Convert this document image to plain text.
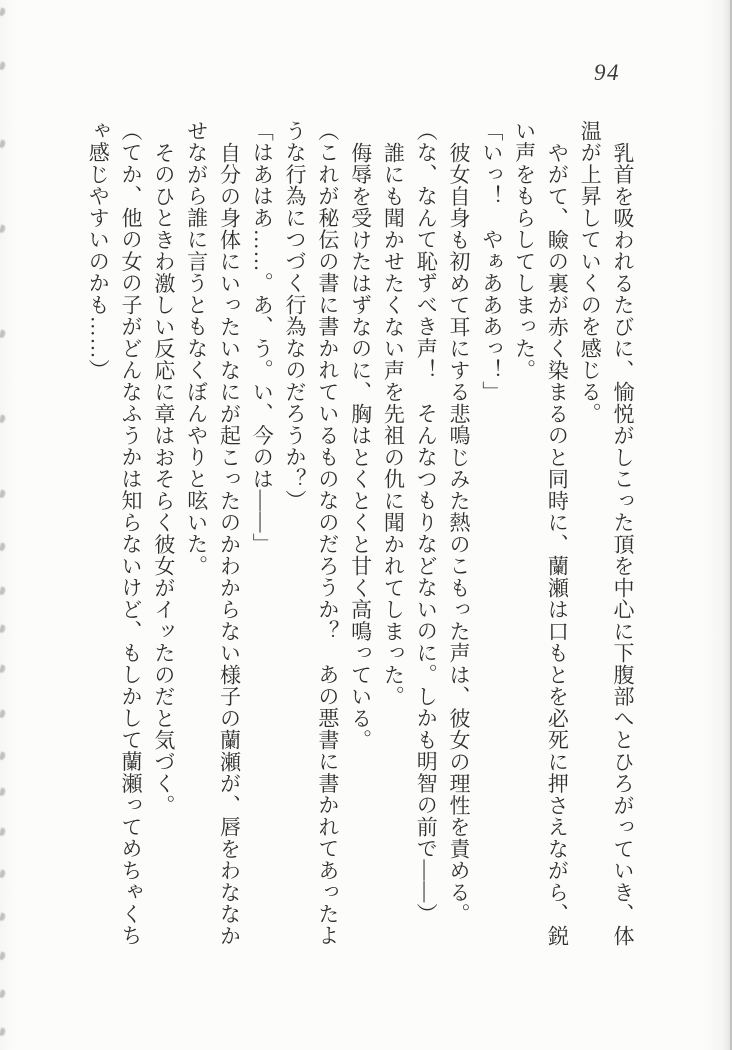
94

乳首を吸われるたびに、愉悦がしこった頂を中心に下腹部へとひろがっていき、体温が上昇していくのを感じる。

やがて、瞼の裏が赤く染まるのと同時に、蘭瀬は口もとを必死に押さえながら、鋭い声をもらしてしまった。

「いっ！　やぁあああっ！」

彼女自身も初めて耳にする悲鳴じみた熱のこもった声は、彼女の理性を責める。

（な、なんて恥ずべき声！　そんなつもりなどないのに。しかも明智の前で――）

誰にも聞かせたくない声を先祖の仇に聞かれてしまった。

侮辱を受けたはずなのに、胸はとくとくと甘く高鳴っている。

（これが秘伝の書に書かれているものなのだろうか？　あの悪書に書かれてあったような行為につづく行為なのだろうか？）

「はあはあ……。あ、う。い、今のは――」

自分の身体にいったいなにが起こったのかわからない様子の蘭瀬が、唇をわななかせながら誰に言うともなくぼんやりと呟いた。

そのひときわ激しい反応に章はおそらく彼女がイッたのだと気づく。

（てか、他の女の子がどんなふうかは知らないけど、もしかして蘭瀬ってめちゃくちゃ感じやすいのかも……）
